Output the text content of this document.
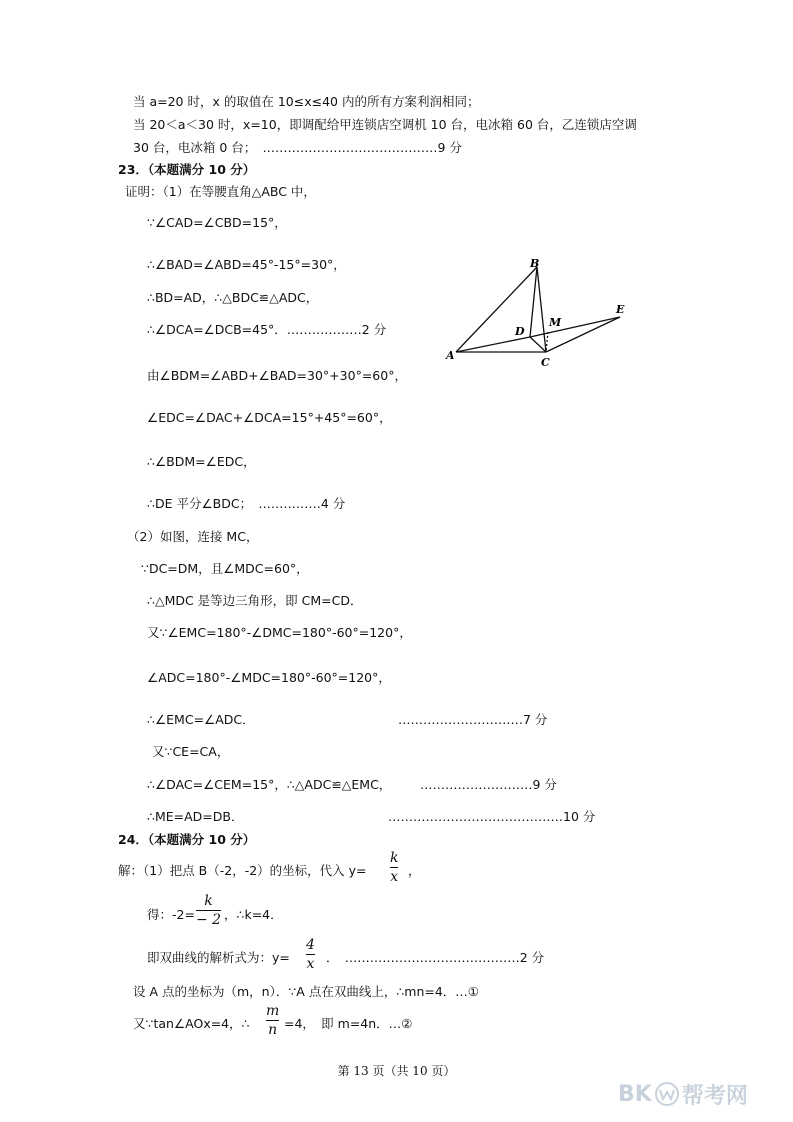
当 a=20 时，x 的取值在 10≤x≤40 内的所有方案利润相同；
当 20＜a＜30 时，x=10，即调配给甲连锁店空调机 10 台，电冰箱 60 台，乙连锁店空调
30 台，电冰箱 0 台；　……………………………………9 分
23．（本题满分 10 分）
证明：（1）在等腰直角△ABC 中，
∵∠CAD=∠CBD=15°，
∴∠BAD=∠ABD=45°-15°=30°，
∴BD=AD，∴△BDC≌△ADC，
∴∠DCA=∠DCB=45°．………………2 分
由∠BDM=∠ABD+∠BAD=30°+30°=60°，
∠EDC=∠DAC+∠DCA=15°+45°=60°，
∴∠BDM=∠EDC，
∴DE 平分∠BDC；　……………4 分
A
B
C
D
E
M
（2）如图，连接 MC，
∵DC=DM，且∠MDC=60°，
∴△MDC 是等边三角形，即 CM=CD．
又∵∠EMC=180°-∠DMC=180°-60°=120°，
∠ADC=180°-∠MDC=180°-60°=120°，
∴∠EMC=∠ADC．	…………………………7 分
又∵CE=CA，
∴∠DAC=∠CEM=15°，∴△ADC≌△EMC， ………………………9 分
∴ME=AD=DB．	……………………………………10 分
24．（本题满分 10 分）
解：（1）把点 B（-2，-2）的坐标，代入 y=
k
x ，
得：-2=
k
− 2 ，∴k=4．
即双曲线的解析式为：y=
4
x ．　……………………………………2 分
设 A 点的坐标为（m，n）．∵A 点在双曲线上，∴mn=4．…①
又∵tan∠AOx=4，∴
m
n =4，　即 m=4n．…②
第 13 页（共 10 页）
BK 帮考网
